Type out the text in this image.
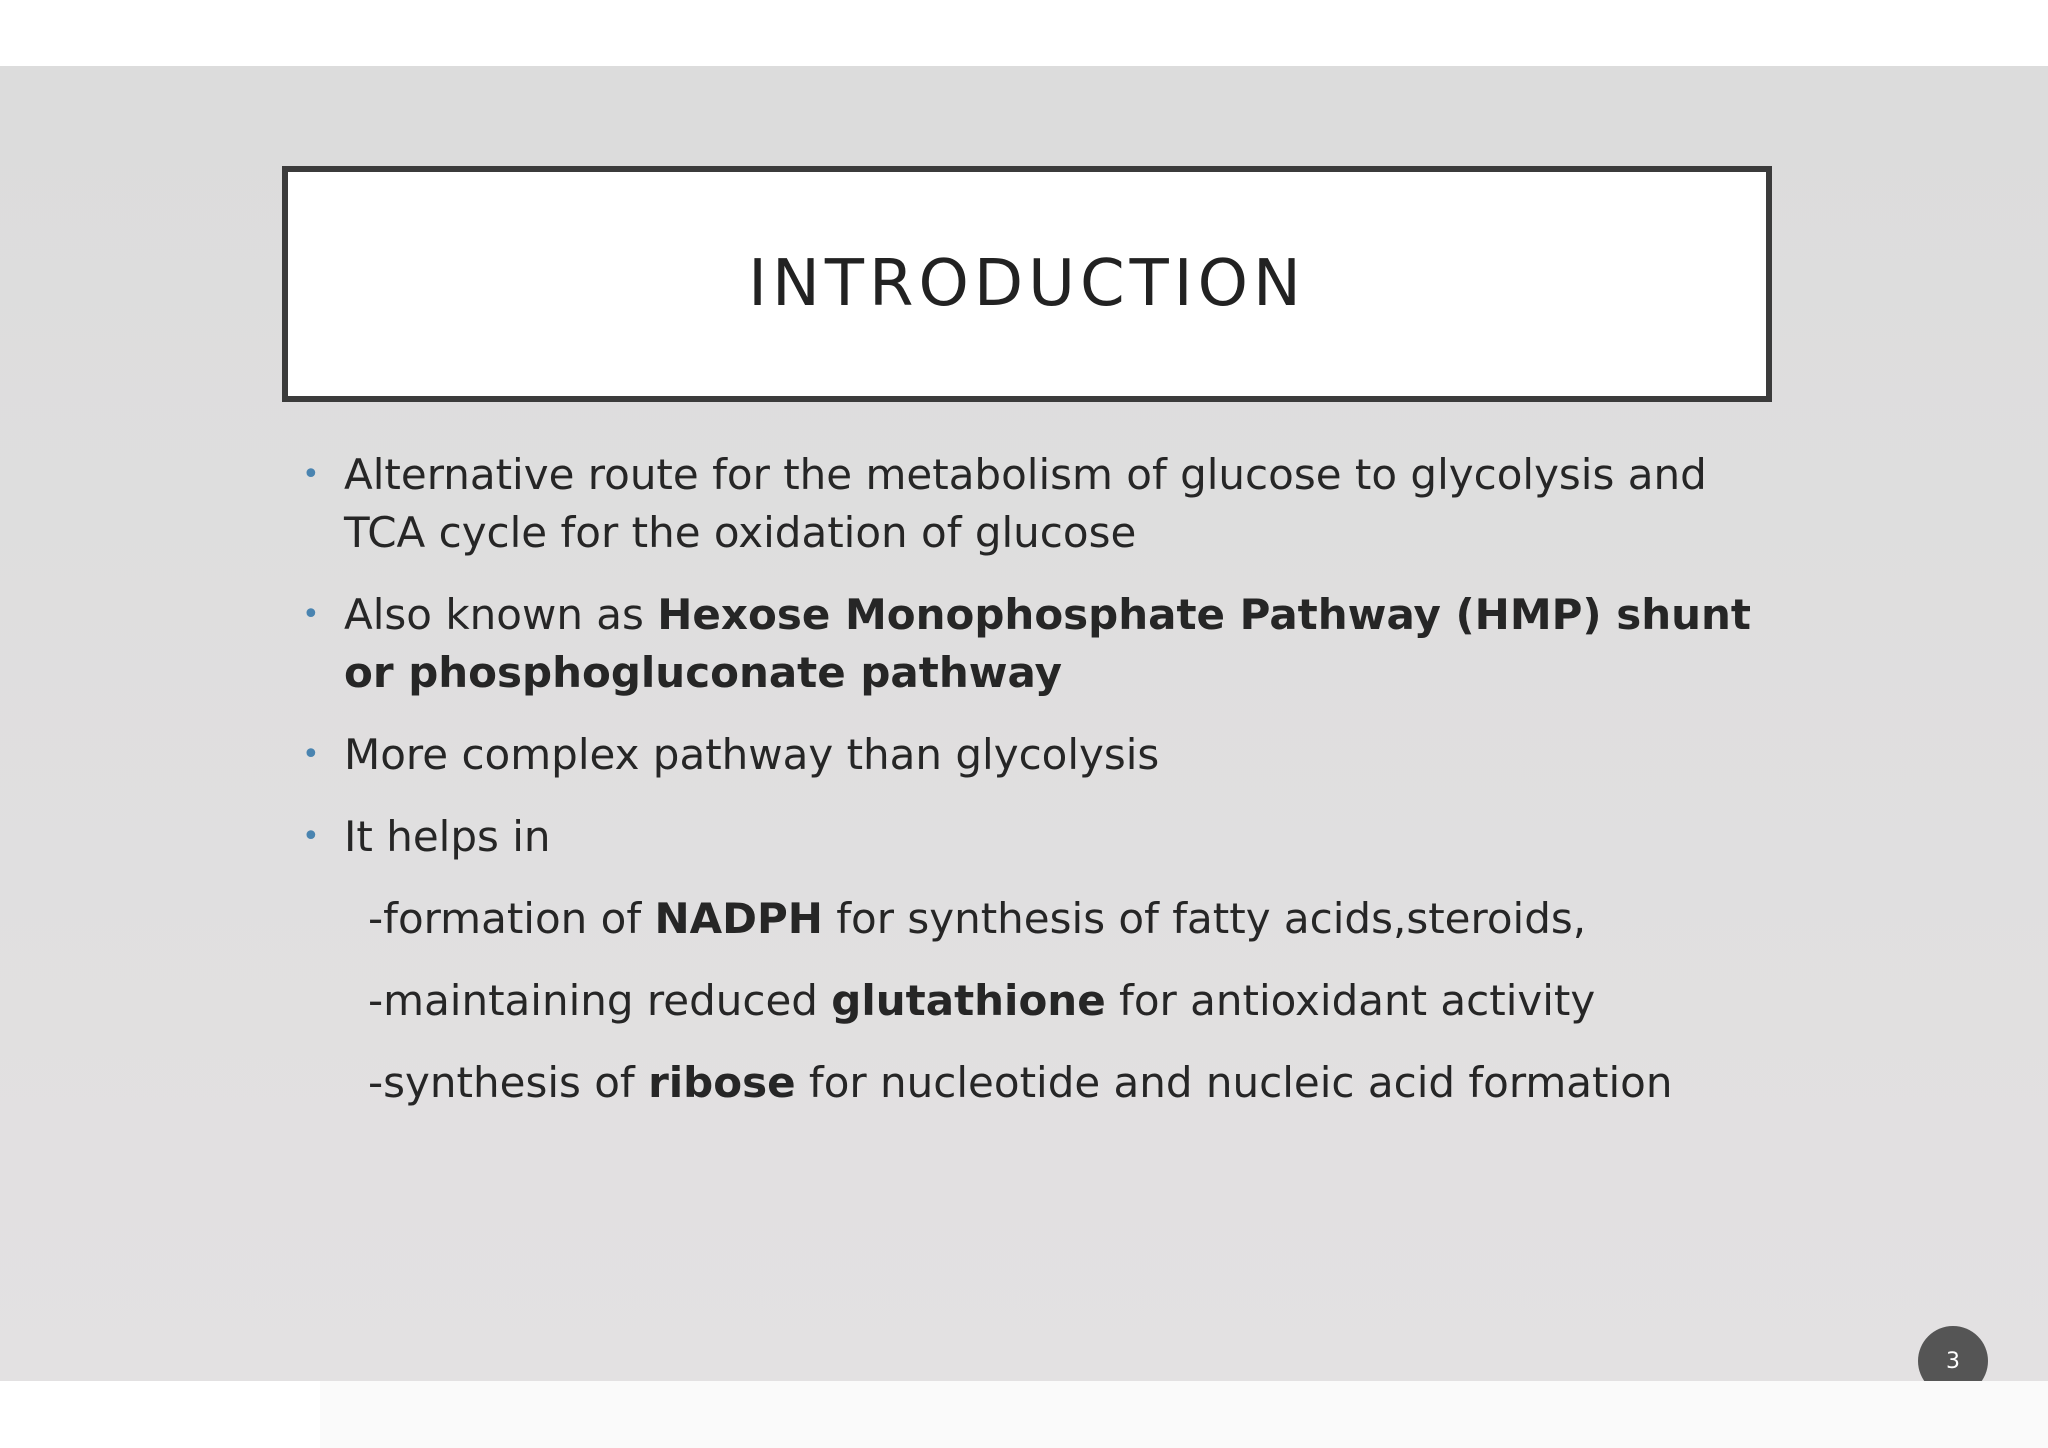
INTRODUCTION
• Alternative route for the metabolism of glucose to glycolysis and TCA cycle for the oxidation of glucose
• Also known as Hexose Monophosphate Pathway (HMP) shunt or phosphogluconate pathway
• More complex pathway than glycolysis
• It helps in
-formation of NADPH for synthesis of fatty acids,steroids,
-maintaining reduced glutathione for antioxidant activity
-synthesis of ribose for nucleotide and nucleic acid formation
3
